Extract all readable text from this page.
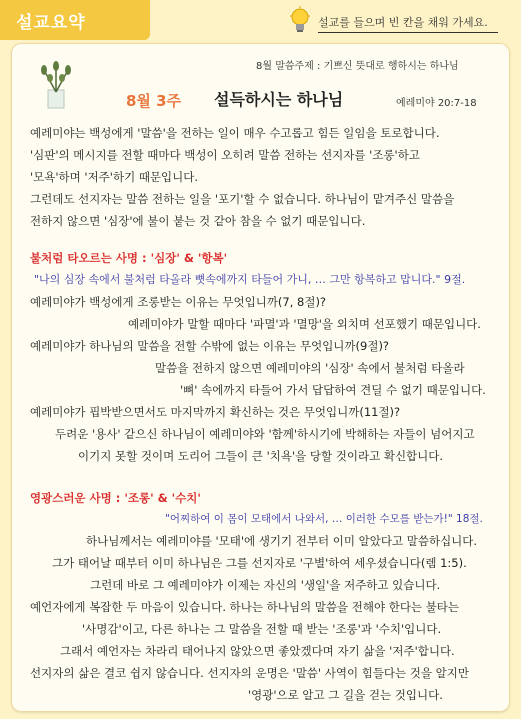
설교요약	설교를 들으며 빈 칸을 채워 가세요.
8월 말씀주제 : 기쁘신 뜻대로 행하시는 하나님
8월 3주 설득하시는 하나님	예레미야 20:7-18
예레미야는 백성에게 '말씀'을 전하는 일이 매우 수고롭고 힘든 일임을 토로합니다.
'심판'의 메시지를 전할 때마다 백성이 오히려 말씀 전하는 선지자를 '조롱'하고
'모욕'하며 '저주'하기 때문입니다.
그런데도 선지자는 말씀 전하는 일을 '포기'할 수 없습니다. 하나님이 맡겨주신 말씀을
전하지 않으면 '심장'에 불이 붙는 것 같아 참을 수 없기 때문입니다.
불처럼 타오르는 사명 : '심장' & '항복'
"나의 심장 속에서 불처럼 타올라 뼛속에까지 타들어 가니, … 그만 항복하고 맙니다." 9절.
예레미야가 백성에게 조롱받는 이유는 무엇입니까(7, 8절)?
예레미야가 말할 때마다 '파멸'과 '멸망'을 외치며 선포했기 때문입니다.
예레미야가 하나님의 말씀을 전할 수밖에 없는 이유는 무엇입니까(9절)?
말씀을 전하지 않으면 예레미야의 '심장' 속에서 불처럼 타올라
'뼈' 속에까지 타들어 가서 답답하여 견딜 수 없기 때문입니다.
예레미야가 핍박받으면서도 마지막까지 확신하는 것은 무엇입니까(11절)?
두려운 '용사' 같으신 하나님이 예레미야와 '함께'하시기에 박해하는 자들이 넘어지고
이기지 못할 것이며 도리어 그들이 큰 '치욕'을 당할 것이라고 확신합니다.
영광스러운 사명 : '조롱' & '수치'
"어찌하여 이 몸이 모태에서 나와서, … 이러한 수모를 받는가!" 18절.
하나님께서는 예레미야를 '모태'에 생기기 전부터 이미 알았다고 말씀하십니다.
그가 태어날 때부터 이미 하나님은 그를 선지자로 '구별'하여 세우셨습니다(렘 1:5).
그런데 바로 그 예레미야가 이제는 자신의 '생일'을 저주하고 있습니다.
예언자에게 복잡한 두 마음이 있습니다. 하나는 하나님의 말씀을 전해야 한다는 불타는
'사명감'이고, 다른 하나는 그 말씀을 전할 때 받는 '조롱'과 '수치'입니다.
그래서 예언자는 차라리 태어나지 않았으면 좋았겠다며 자기 삶을 '저주'합니다.
선지자의 삶은 결코 쉽지 않습니다. 선지자의 운명은 '말씀' 사역이 힘들다는 것을 알지만
'영광'으로 알고 그 길을 걷는 것입니다.
